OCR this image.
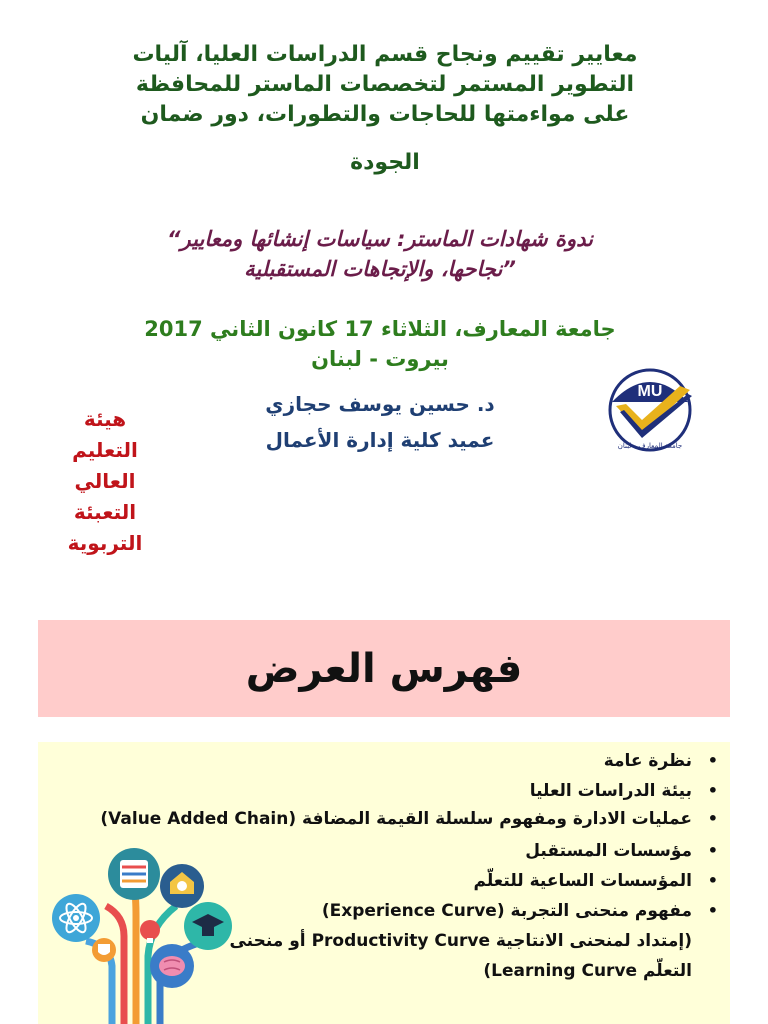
معايير تقييم ونجاح قسم الدراسات العليا، آليات
التطوير المستمر لتخصصات الماستر للمحافظة
على مواءمتها للحاجات والتطورات، دور ضمان
الجودة
ندوة شهادات الماستر: سياسات إنشائها ومعايير“
”نجاحها، والإتجاهات المستقبلية
جامعة المعارف، الثلاثاء 17 كانون الثاني 2017
بيروت - لبنان
د. حسين يوسف حجازي
عميد كلية إدارة الأعمال
هيئة
التعليم
العالي
التعبئة
التربوية
MU
جامعة المعارف - لبنان
فهرس العرض
•
نظرة عامة
•
بيئة الدراسات العليا
•
عمليات الادارة ومفهوم سلسلة القيمة المضافة (Value Added Chain)
•
مؤسسات المستقبل
•
المؤسسات الساعية للتعلّم
•
مفهوم منحنى التجربة (Experience Curve)
(إمتداد لمنحنى الانتاجية Productivity Curve أو منحنى
التعلّم Learning Curve)
